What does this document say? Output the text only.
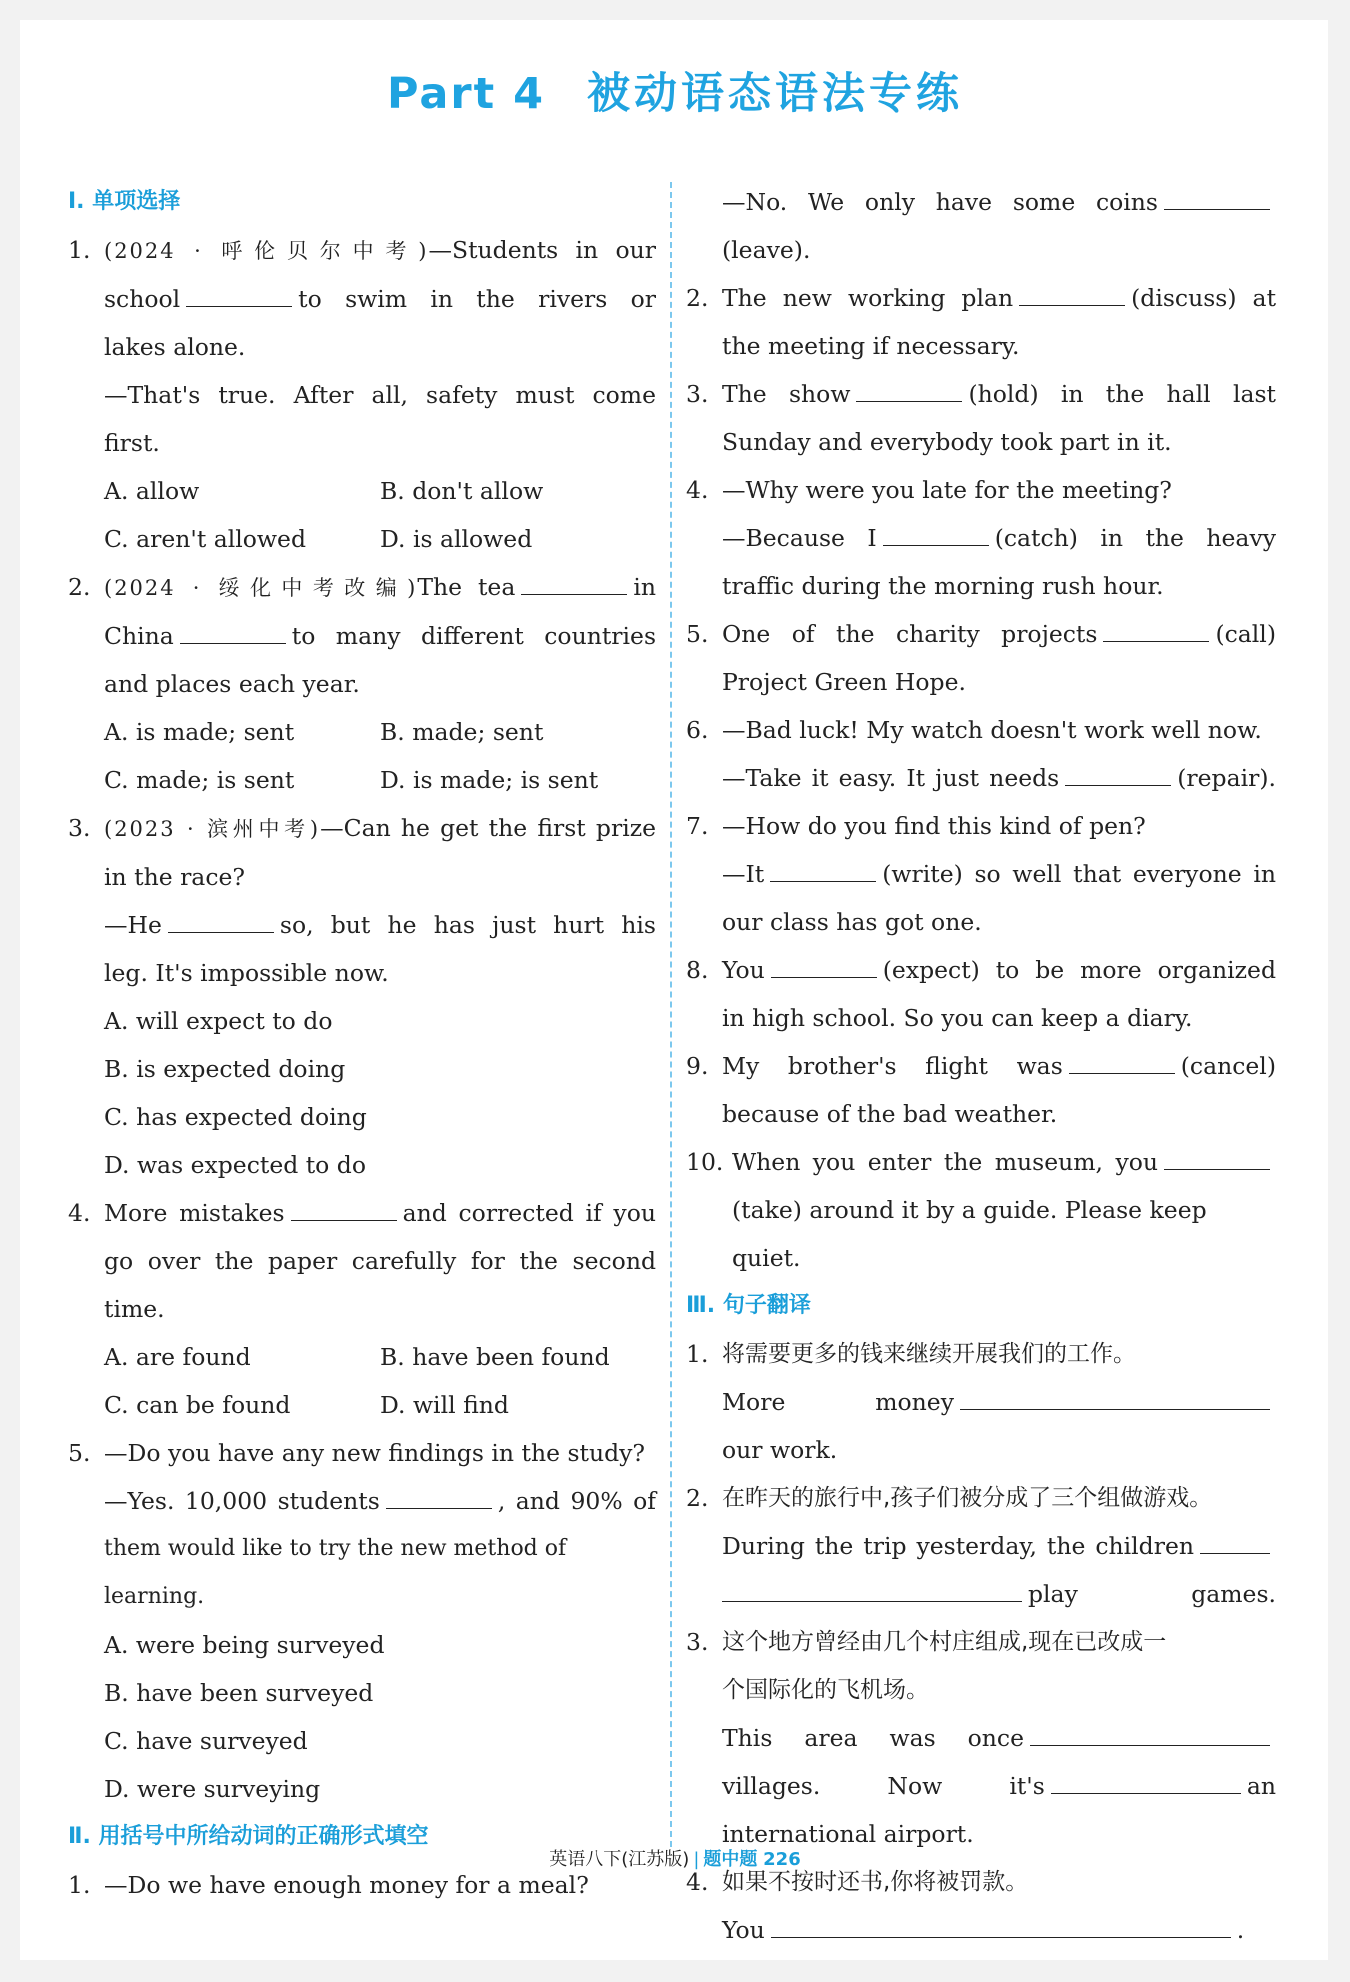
Part 4 被动语态语法专练
Ⅰ. 单项选择
1. (2024 · 呼伦贝尔中考)—Students in our
school	to swim in the rivers or
lakes alone.
—That's true. After all, safety must come
first.
A. allow	B. don't allow
C. aren't allowed	D. is allowed
2. (2024 · 绥化中考改编)The tea	in
China	to many different countries
and places each year.
A. is made; sent	B. made; sent
C. made; is sent	D. is made; is sent
3. (2023 · 滨州中考)—Can he get the first prize
in the race?
—He	so, but he has just hurt his
leg. It's impossible now.
A. will expect to do
B. is expected doing
C. has expected doing
D. was expected to do
4. More mistakes	and corrected if you
go over the paper carefully for the second
time.
A. are found	B. have been found
C. can be found	D. will find
5. —Do you have any new findings in the study?
—Yes. 10,000 students	, and 90% of
them would like to try the new method of learning.
A. were being surveyed
B. have been surveyed
C. have surveyed
D. were surveying
Ⅱ. 用括号中所给动词的正确形式填空
1. —Do we have enough money for a meal?
—No. We only have some coins(leave).
2. The new working plan	(discuss) at
the meeting if necessary.
3. The show	(hold) in the hall last
Sunday and everybody took part in it.
4. —Why were you late for the meeting?
—Because I	(catch) in the heavy
traffic during the morning rush hour.
5. One of the charity projects	(call)
Project Green Hope.
6. —Bad luck! My watch doesn't work well now.
—Take it easy. It just needs	(repair).
7. —How do you find this kind of pen?
—It	(write) so well that everyone in
our class has got one.
8. You	(expect) to be more organized
in high school. So you can keep a diary.
9. My brother's flight was	(cancel)
because of the bad weather.
10. When you enter the museum, you
(take) around it by a guide. Please keep quiet.
Ⅲ. 句子翻译
1. 将需要更多的钱来继续开展我们的工作。
More money
our work.
2. 在昨天的旅行中,孩子们被分成了三个组做游戏。
During the trip yesterday, the children
play games.
3. 这个地方曾经由几个村庄组成,现在已改成一
个国际化的飞机场。
This area was once
villages.	Now	it's	an
international airport.
4. 如果不按时还书,你将被罚款。
You	.
英语八下(江苏版) | 题中题 226
